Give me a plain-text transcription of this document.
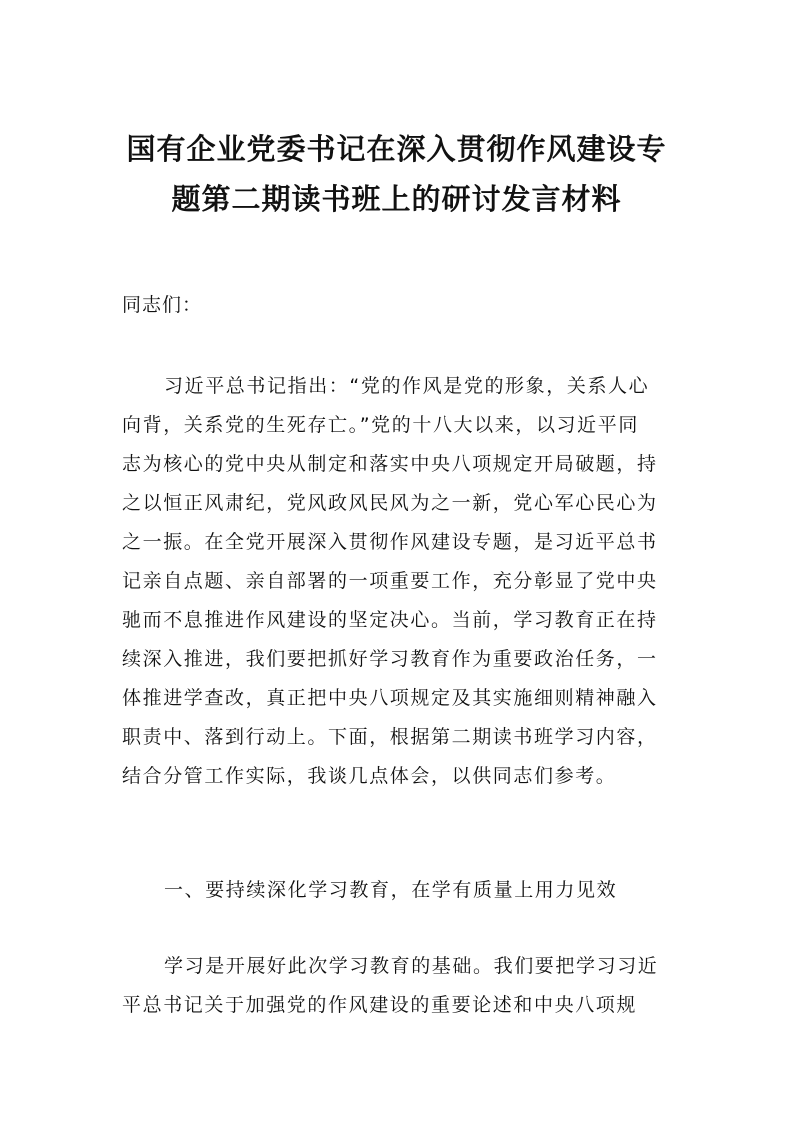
国有企业党委书记在深入贯彻作风建设专
题第二期读书班上的研讨发言材料
同志们：
习近平总书记指出：“党的作风是党的形象，关系人心
向背，关系党的生死存亡。”党的十八大以来，以习近平同
志为核心的党中央从制定和落实中央八项规定开局破题，持
之以恒正风肃纪，党风政风民风为之一新，党心军心民心为
之一振。在全党开展深入贯彻作风建设专题，是习近平总书
记亲自点题、亲自部署的一项重要工作，充分彰显了党中央
驰而不息推进作风建设的坚定决心。当前，学习教育正在持
续深入推进，我们要把抓好学习教育作为重要政治任务，一
体推进学查改，真正把中央八项规定及其实施细则精神融入
职责中、落到行动上。下面，根据第二期读书班学习内容，
结合分管工作实际，我谈几点体会，以供同志们参考。
一、要持续深化学习教育，在学有质量上用力见效
学习是开展好此次学习教育的基础。我们要把学习习近
平总书记关于加强党的作风建设的重要论述和中央八项规
